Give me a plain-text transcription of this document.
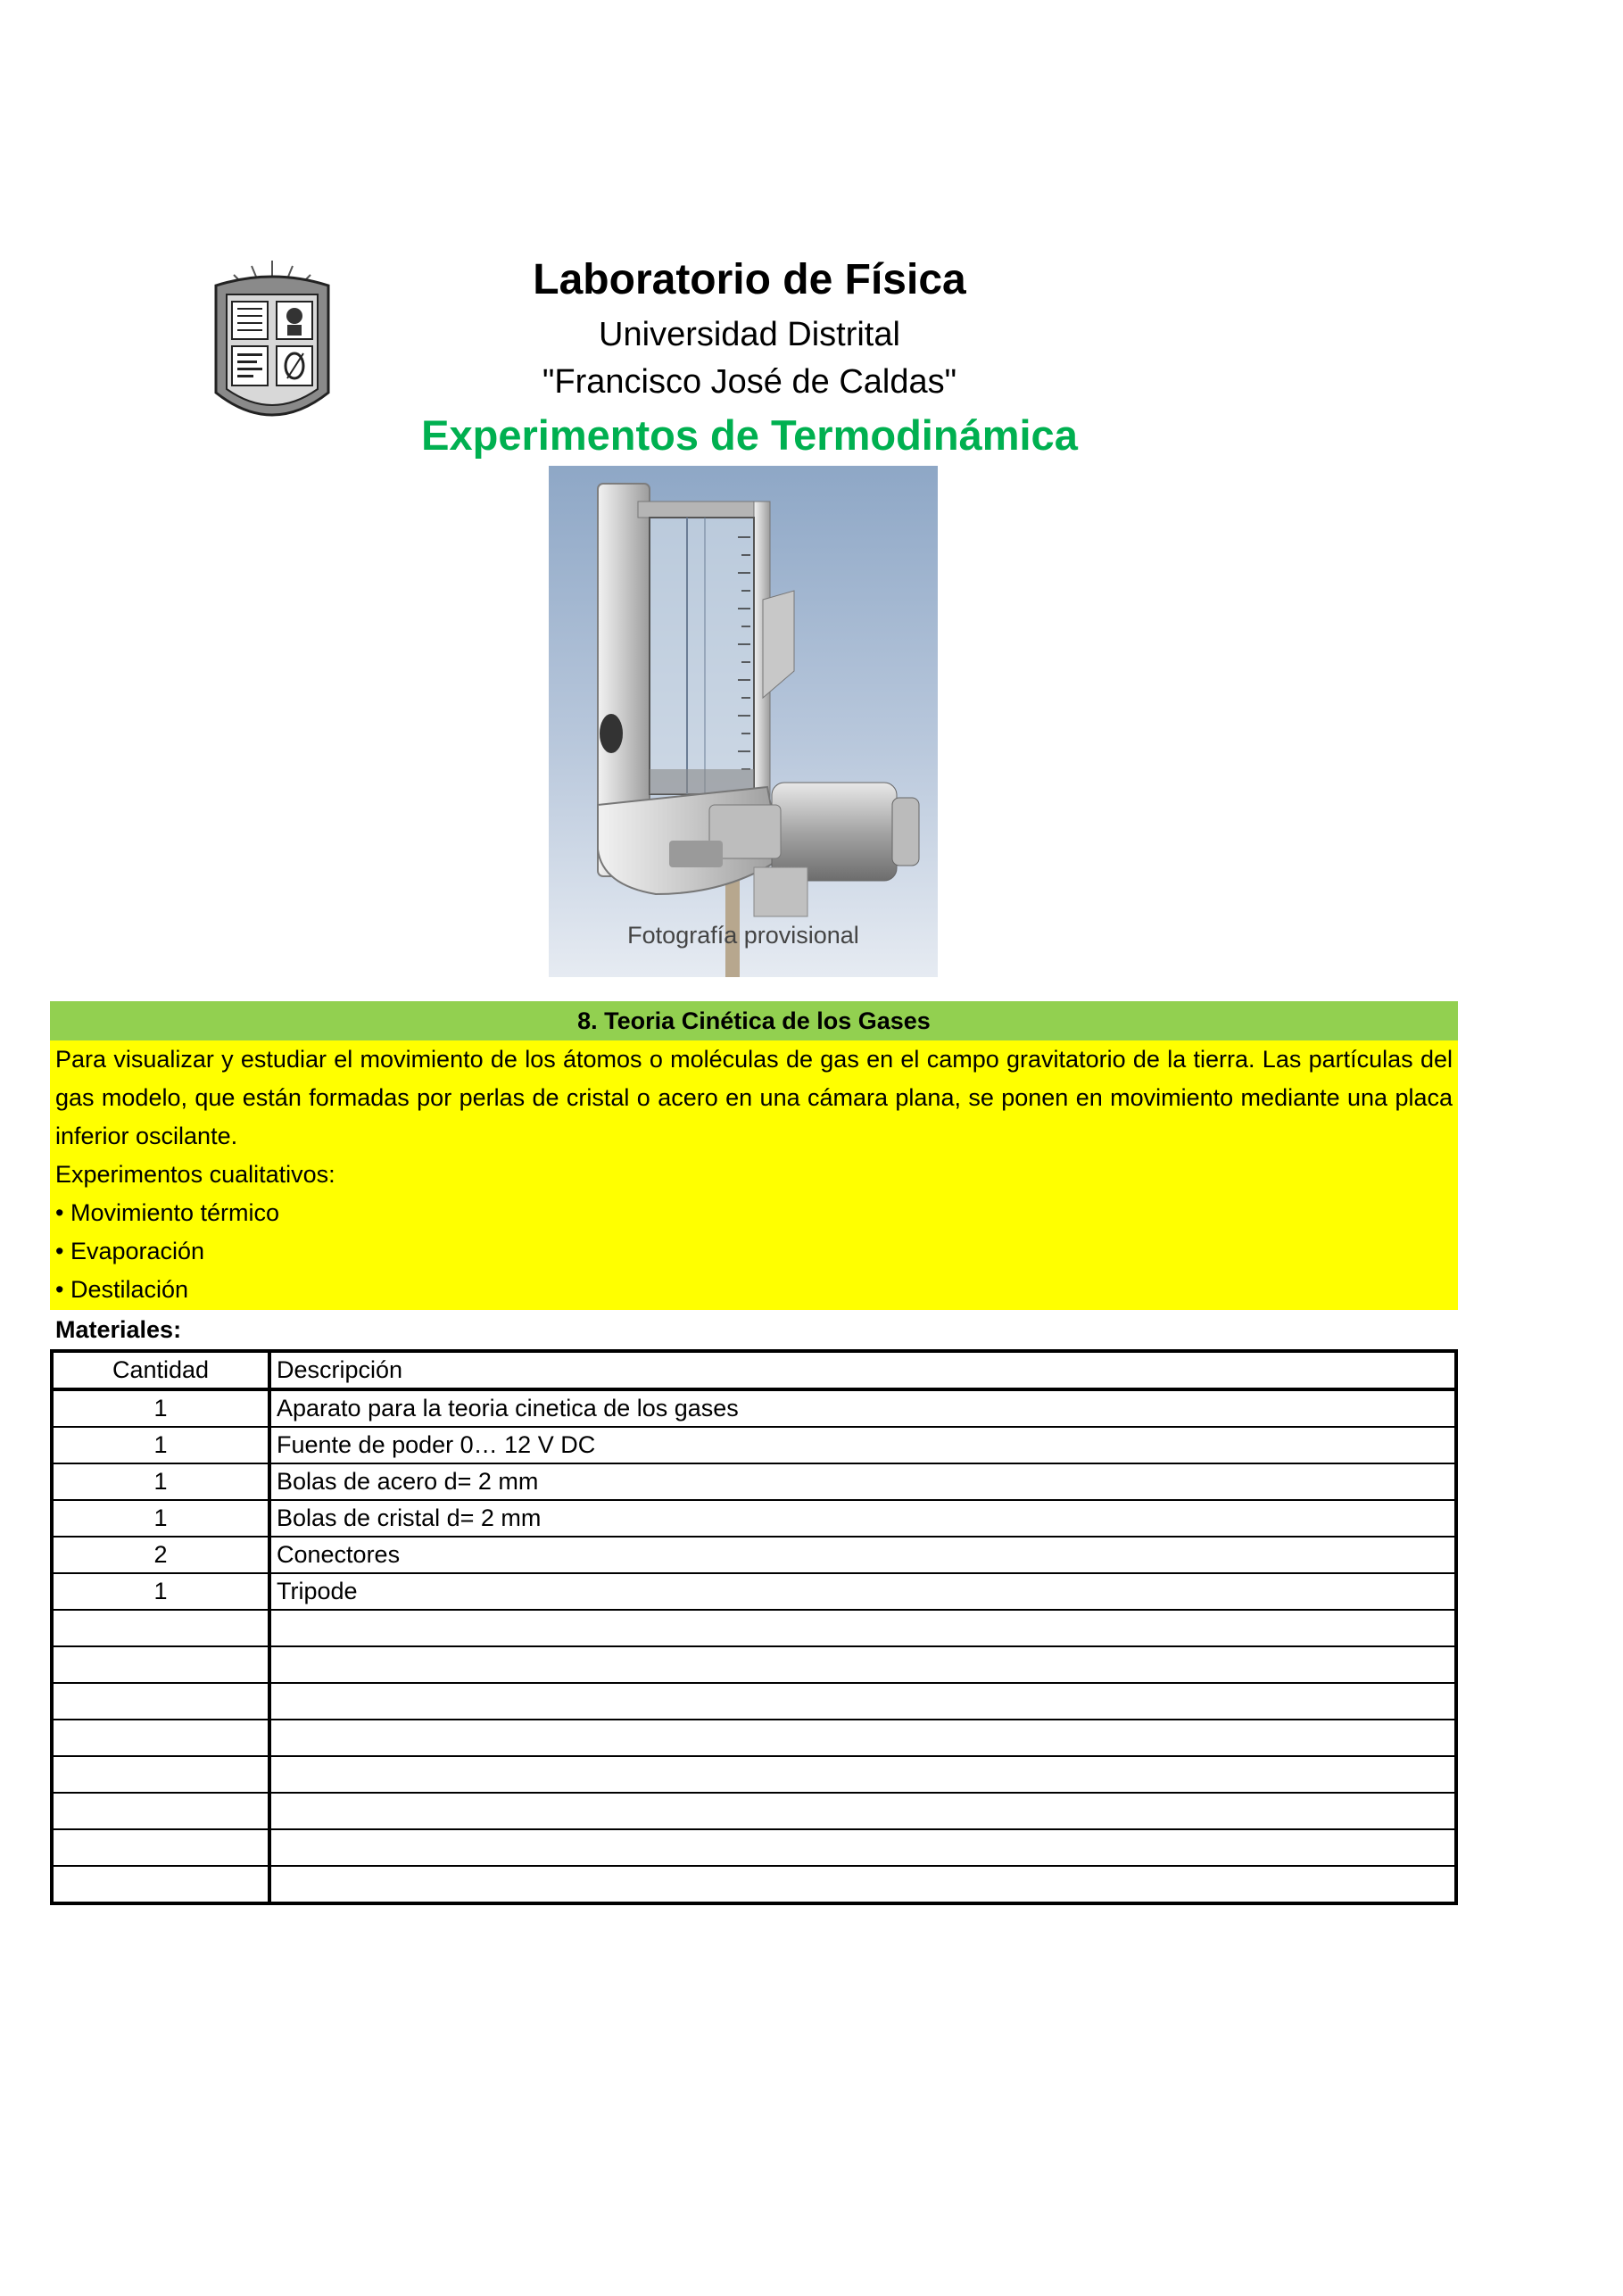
Laboratorio de Física
Universidad Distrital
"Francisco José de Caldas"
Experimentos de Termodinámica
Fotografía provisional
8. Teoria Cinética de los Gases

Para visualizar y estudiar el movimiento de los átomos o moléculas de gas en el campo gravitatorio de la tierra. Las partículas del gas modelo, que están formadas por perlas de cristal o acero en una cámara plana, se ponen en movimiento mediante una placa inferior oscilante.

Experimentos cualitativos:
• Movimiento térmico
• Evaporación
• Destilación
Materiales:
Cantidad	Descripción
1	Aparato para la teoria cinetica de los gases
1	Fuente de poder 0… 12 V DC
1	Bolas de acero d= 2 mm
1	Bolas de cristal d= 2 mm
2	Conectores
1	Tripode
